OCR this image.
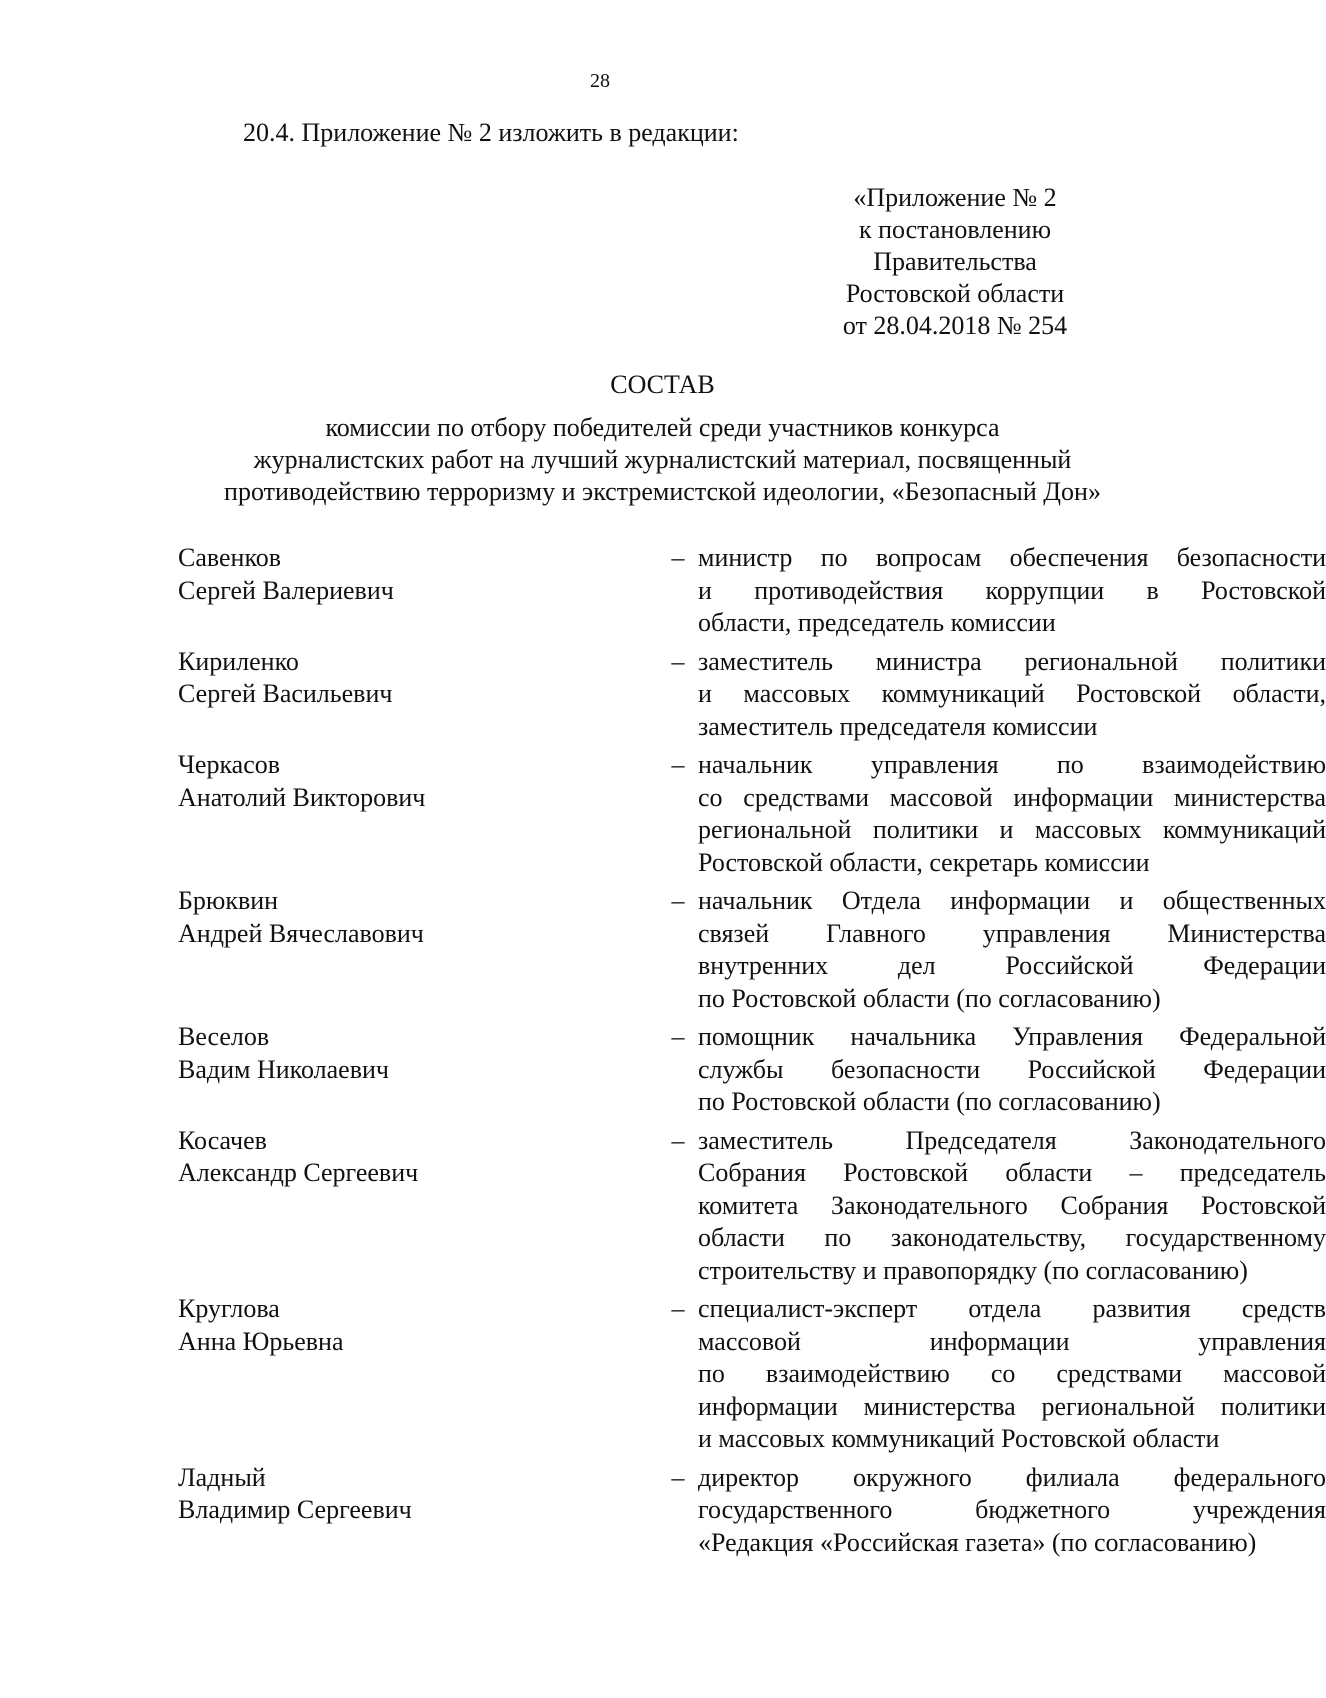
28
20.4. Приложение № 2 изложить в редакции:
«Приложение № 2
к постановлению
Правительства
Ростовской области
от 28.04.2018 № 254
СОСТАВ
комиссии по отбору победителей среди участников конкурса
журналистских работ на лучший журналистский материал, посвященный
противодействию терроризму и экстремистской идеологии, «Безопасный Дон»
Савенков
Сергей Валериевич
– министр по вопросам обеспечения безопасности
и противодействия коррупции в Ростовской
области, председатель комиссии
Кириленко
Сергей Васильевич
– заместитель министра региональной политики
и массовых коммуникаций Ростовской области,
заместитель председателя комиссии
Черкасов
Анатолий Викторович
– начальник управления по взаимодействию
со средствами массовой информации министерства
региональной политики и массовых коммуникаций
Ростовской области, секретарь комиссии
Брюквин
Андрей Вячеславович
– начальник Отдела информации и общественных
связей Главного управления Министерства
внутренних дел Российской Федерации
по Ростовской области (по согласованию)
Веселов
Вадим Николаевич
– помощник начальника Управления Федеральной
службы безопасности Российской Федерации
по Ростовской области (по согласованию)
Косачев
Александр Сергеевич
– заместитель Председателя Законодательного
Собрания Ростовской области – председатель
комитета Законодательного Собрания Ростовской
области по законодательству, государственному
строительству и правопорядку (по согласованию)
Круглова
Анна Юрьевна
– специалист-эксперт отдела развития средств
массовой информации управления
по взаимодействию со средствами массовой
информации министерства региональной политики
и массовых коммуникаций Ростовской области
Ладный
Владимир Сергеевич
– директор окружного филиала федерального
государственного бюджетного учреждения
«Редакция «Российская газета» (по согласованию)
